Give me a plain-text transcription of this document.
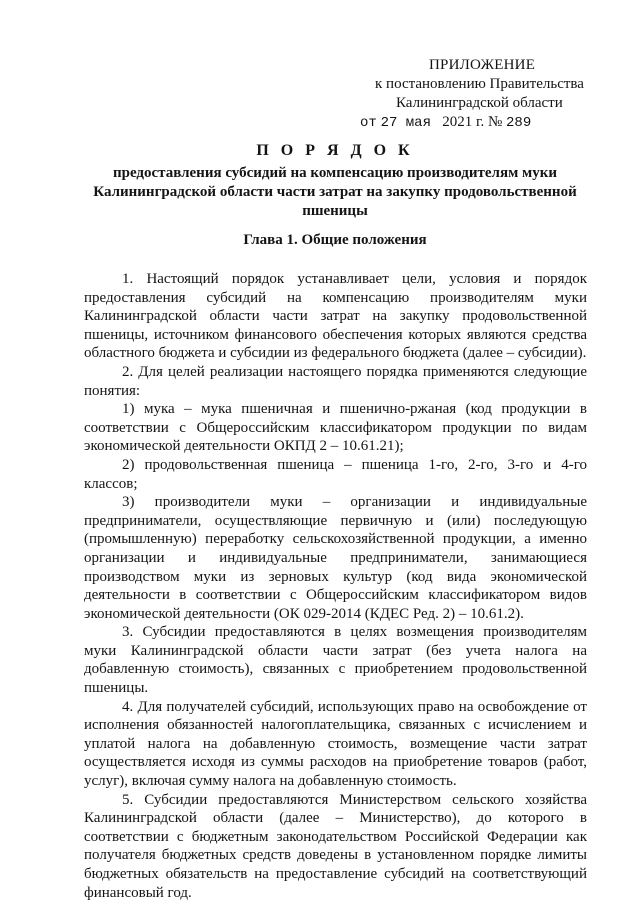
ПРИЛОЖЕНИЕ
к постановлению Правительства
Калининградской области
от 27 мая 2021 г. № 289
П О Р Я Д О К
предоставления субсидий на компенсацию производителям муки Калининградской области части затрат на закупку продовольственной пшеницы
Глава 1. Общие положения

1. Настоящий порядок устанавливает цели, условия и порядок предоставления субсидий на компенсацию производителям муки Калининградской области части затрат на закупку продовольственной пшеницы, источником финансового обеспечения которых являются средства областного бюджета и субсидии из федерального бюджета (далее – субсидии).

2. Для целей реализации настоящего порядка применяются следующие понятия:

1) мука – мука пшеничная и пшенично-ржаная (код продукции в соответствии с Общероссийским классификатором продукции по видам экономической деятельности ОКПД 2 – 10.61.21);

2) продовольственная пшеница – пшеница 1-го, 2-го, 3-го и 4-го классов;

3) производители муки – организации и индивидуальные предприниматели, осуществляющие первичную и (или) последующую (промышленную) переработку сельскохозяйственной продукции, а именно организации и индивидуальные предприниматели, занимающиеся производством муки из зерновых культур (код вида экономической деятельности в соответствии с Общероссийским классификатором видов экономической деятельности (ОК 029-2014 (КДЕС Ред. 2) – 10.61.2).

3. Субсидии предоставляются в целях возмещения производителям муки Калининградской области части затрат (без учета налога на добавленную стоимость), связанных с приобретением продовольственной пшеницы.

4. Для получателей субсидий, использующих право на освобождение от исполнения обязанностей налогоплательщика, связанных с исчислением и уплатой налога на добавленную стоимость, возмещение части затрат осуществляется исходя из суммы расходов на приобретение товаров (работ, услуг), включая сумму налога на добавленную стоимость.

5. Субсидии предоставляются Министерством сельского хозяйства Калининградской области (далее – Министерство), до которого в соответствии с бюджетным законодательством Российской Федерации как получателя бюджетных средств доведены в установленном порядке лимиты бюджетных обязательств на предоставление субсидий на соответствующий финансовый год.
